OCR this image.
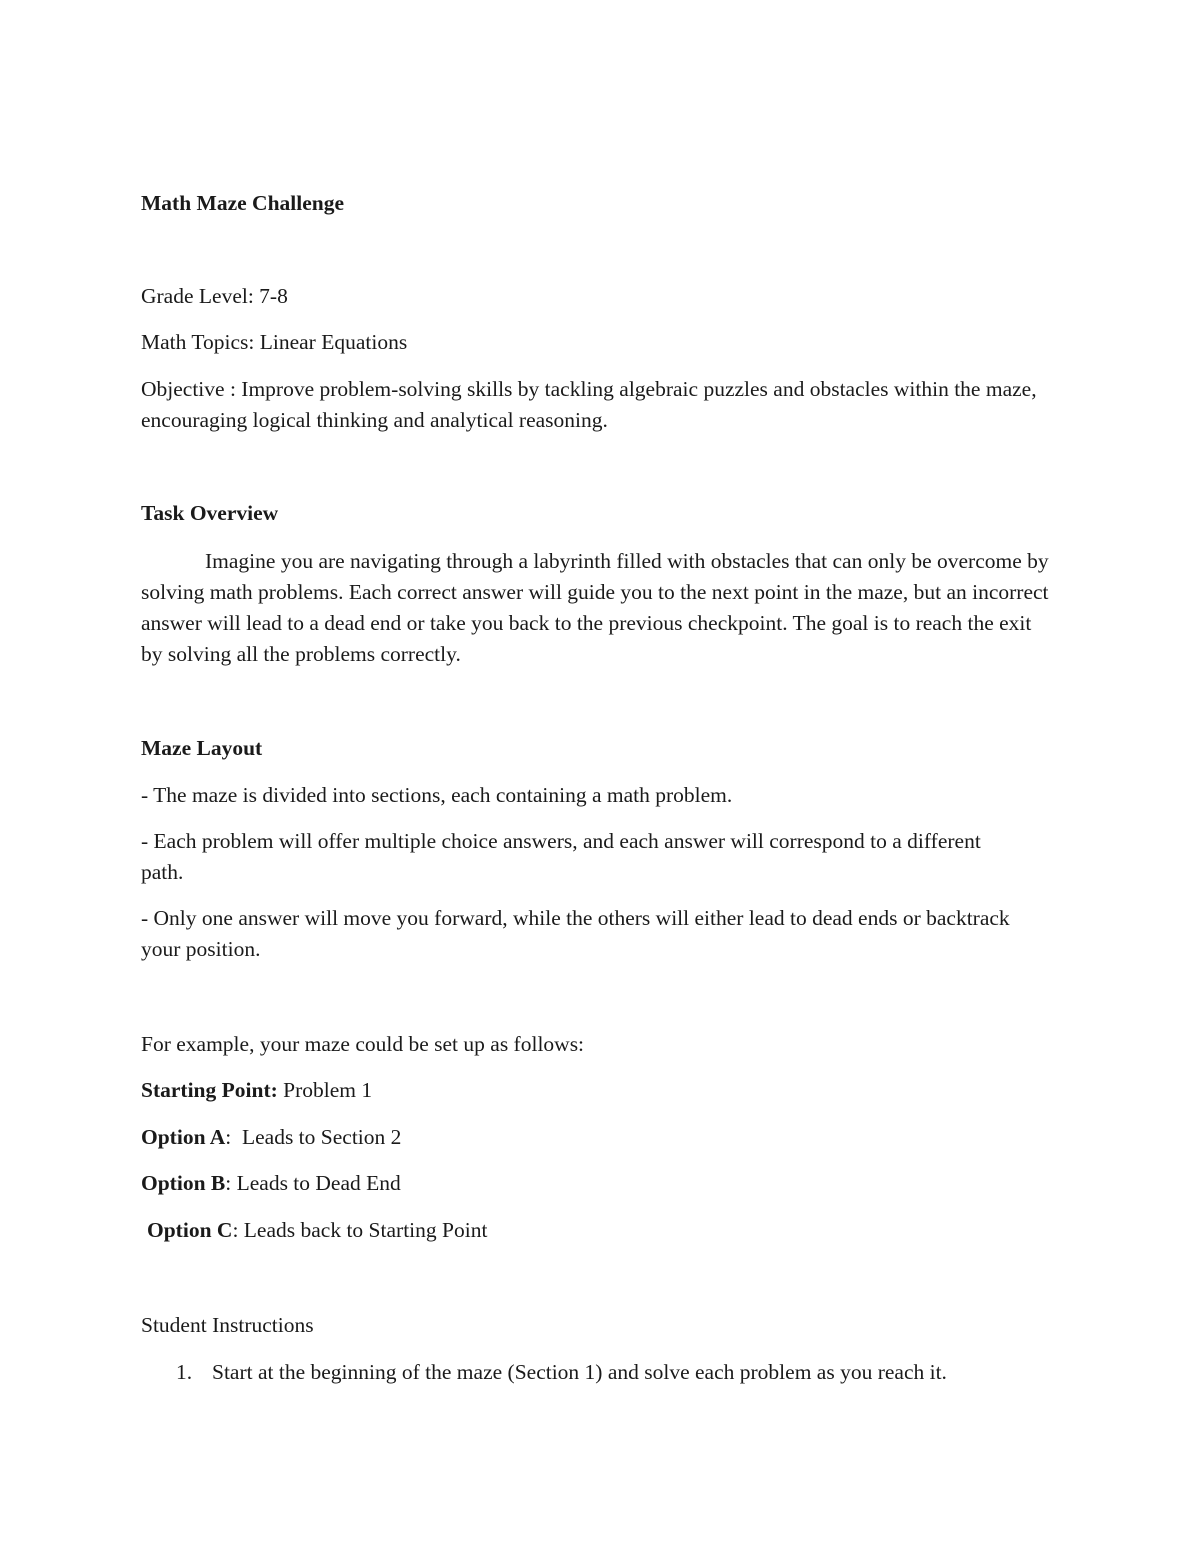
Math Maze Challenge
Grade Level: 7-8
Math Topics: Linear Equations

Objective : Improve problem-solving skills by tackling algebraic puzzles and obstacles within the maze, encouraging logical thinking and analytical reasoning.

Task Overview

Imagine you are navigating through a labyrinth filled with obstacles that can only be overcome by solving math problems. Each correct answer will guide you to the next point in the maze, but an incorrect answer will lead to a dead end or take you back to the previous checkpoint. The goal is to reach the exit by solving all the problems correctly.

Maze Layout
- The maze is divided into sections, each containing a math problem.

- Each problem will offer multiple choice answers, and each answer will correspond to a different path.

- Only one answer will move you forward, while the others will either lead to dead ends or backtrack your position.

For example, your maze could be set up as follows:
Starting Point: Problem 1
Option A:  Leads to Section 2
Option B: Leads to Dead End
Option C: Leads back to Starting Point
Student Instructions
1. Start at the beginning of the maze (Section 1) and solve each problem as you reach it.
